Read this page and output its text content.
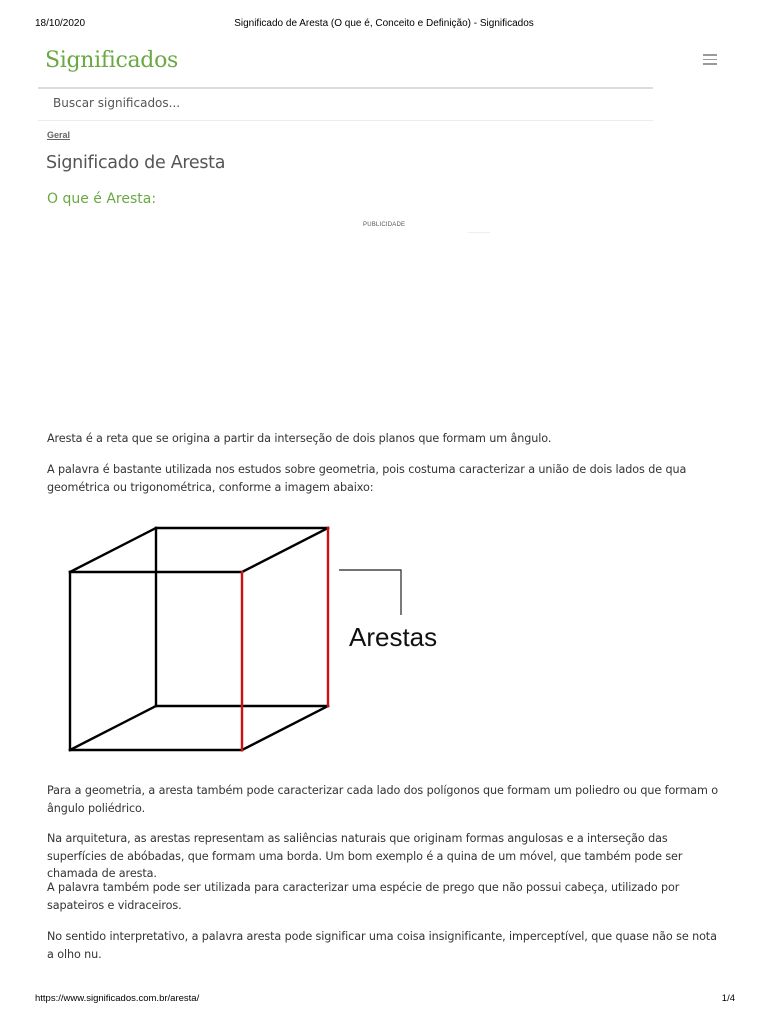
18/10/2020	Significado de Aresta (O que é, Conceito e Definição) - Significados
Significados
Buscar significados...
Geral
Significado de Aresta
O que é Aresta:
PUBLICIDADE

Aresta é a reta que se origina a partir da interseção de dois planos que formam um ângulo.

A palavra é bastante utilizada nos estudos sobre geometria, pois costuma caracterizar a união de dois lados de qua geométrica ou trigonométrica, conforme a imagem abaixo:

Arestas

Para a geometria, a aresta também pode caracterizar cada lado dos polígonos que formam um poliedro ou que formam o ângulo poliédrico.

Na arquitetura, as arestas representam as saliências naturais que originam formas angulosas e a interseção das superfícies de abóbadas, que formam uma borda. Um bom exemplo é a quina de um móvel, que também pode ser chamada de aresta.

A palavra também pode ser utilizada para caracterizar uma espécie de prego que não possui cabeça, utilizado por sapateiros e vidraceiros.

No sentido interpretativo, a palavra aresta pode significar uma coisa insignificante, imperceptível, que quase não se nota a olho nu.

https://www.significados.com.br/aresta/	1/4
